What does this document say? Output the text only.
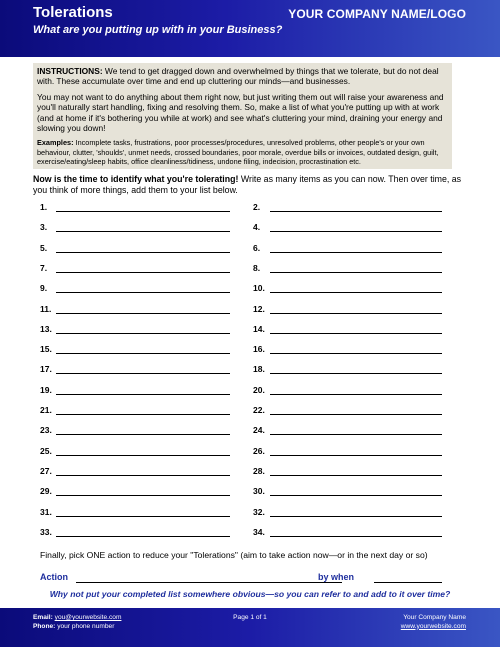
Tolerations	YOUR COMPANY NAME/LOGO
What are you putting up with in your Business?

INSTRUCTIONS: We tend to get dragged down and overwhelmed by things that we tolerate, but do not deal with. These accumulate over time and end up cluttering our minds—and businesses.

You may not want to do anything about them right now, but just writing them out will raise your awareness and you'll naturally start handling, fixing and resolving them. So, make a list of what you're putting up with at work (and at home if it's bothering you while at work) and see what's cluttering your mind, draining your energy and slowing you down!

Examples: Incomplete tasks, frustrations, poor processes/procedures, unresolved problems, other people's or your own behaviour, clutter, 'shoulds', unmet needs, crossed boundaries, poor morale, overdue bills or invoices, outdated design, guilt, exercise/eating/sleep habits, office cleanliness/tidiness, undone filing, indecision, procrastination etc.

Now is the time to identify what you're tolerating! Write as many items as you can now. Then over time, as you think of more things, add them to your list below.
1.	2.
3.	4.
5.	6.
7.	8.
9.	10.
11.	12.
13.	14.
15.	16.
17.	18.
19.	20.
21.	22.
23.	24.
25.	26.
27.	28.
29.	30.
31.	32.
33.	34.
Finally, pick ONE action to reduce your "Tolerations" (aim to take action now—or in the next day or so)
Action	by when
Why not put your completed list somewhere obvious—so you can refer to and add to it over time?
Email: you@yourwebsite.com
Phone: your phone number
Page 1 of 1	Your Company Name
www.yourwebsite.com
